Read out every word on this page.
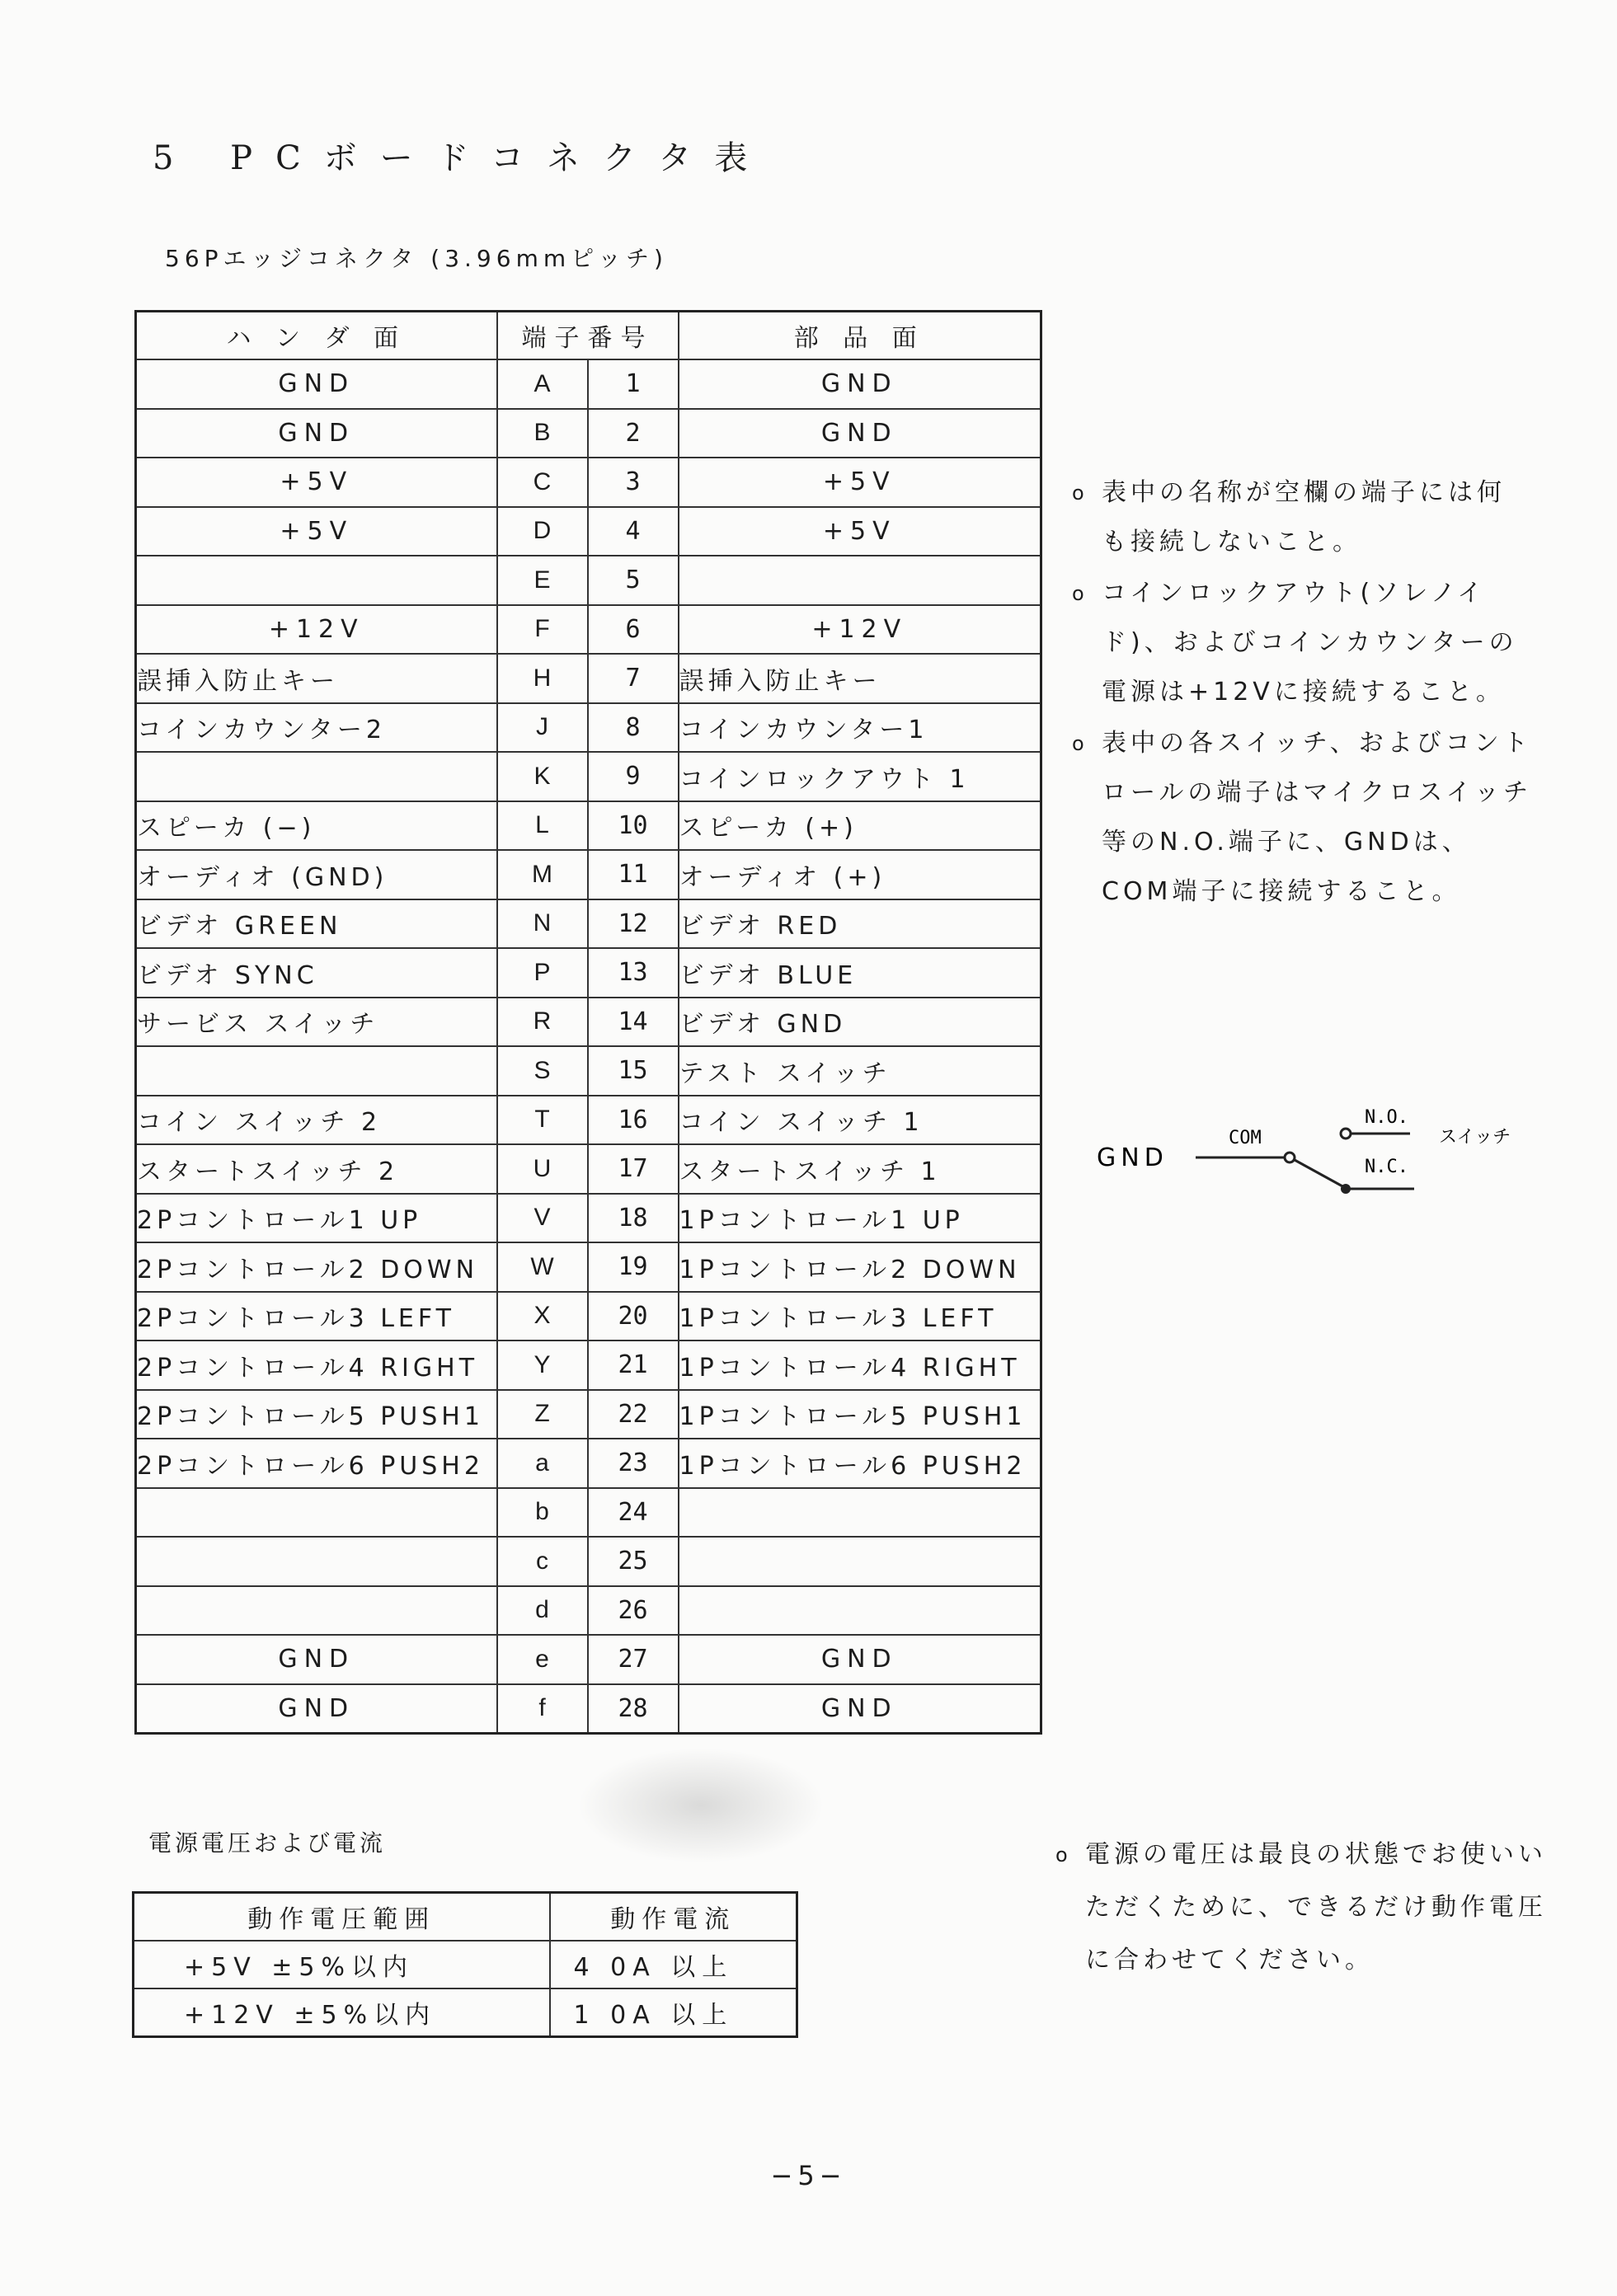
5 PCボードコネクタ表
56Pエッジコネクタ (3.96mmピッチ)
ハ ン ダ 面	端子番号		部 品 面
GND	A	1	GND
GND	B	2	GND
+5V	C	3	+5V
+5V	D	4	+5V
	E	5	
+12V	F	6	+12V
誤挿入防止キー	H	7	誤挿入防止キー
コインカウンター2	J	8	コインカウンター1
	K	9	コインロックアウト 1
スピーカ (−)	L	10	スピーカ (+)
オーディオ (GND)	M	11	オーディオ (+)
ビデオ GREEN	N	12	ビデオ RED
ビデオ SYNC	P	13	ビデオ BLUE
サービス スイッチ	R	14	ビデオ GND
	S	15	テスト スイッチ
コイン スイッチ 2	T	16	コイン スイッチ 1
スタートスイッチ 2	U	17	スタートスイッチ 1
2Pコントロール1 UP	V	18	1Pコントロール1 UP
2Pコントロール2 DOWN	W	19	1Pコントロール2 DOWN
2Pコントロール3 LEFT	X	20	1Pコントロール3 LEFT
2Pコントロール4 RIGHT	Y	21	1Pコントロール4 RIGHT
2Pコントロール5 PUSH1	Z	22	1Pコントロール5 PUSH1
2Pコントロール6 PUSH2	a	23	1Pコントロール6 PUSH2
	b	24	
	c	25	
	d	26	
GND	e	27	GND
GND	f	28	GND
o 表中の名称が空欄の端子には何も接続しないこと。
o コインロックアウト(ソレノイド)、およびコインカウンターの電源は+12Vに接続すること。
o 表中の各スイッチ、およびコントロールの端子はマイクロスイッチ等のN.O.端子に、GNDは、COM端子に接続すること。
GND
COM
N.O.
N.C.
スイッチ
電源電圧および電流
動作電圧範囲	動作電流
+5V ±5%以内	4 0A 以上
+12V ±5%以内	1 0A 以上
o 電源の電圧は最良の状態でお使いいただくために、できるだけ動作電圧に合わせてください。
−5−
